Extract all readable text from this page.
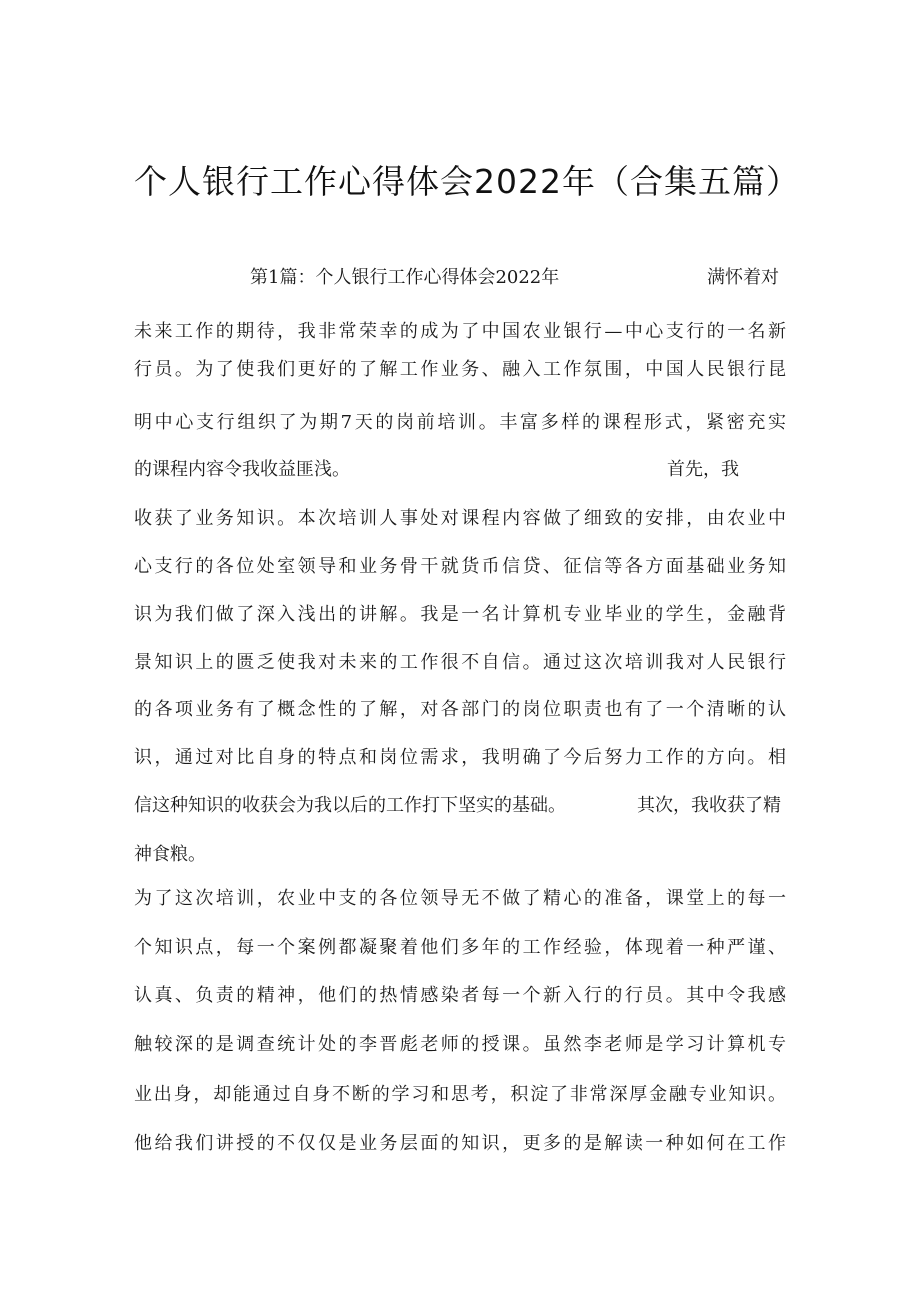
个人银行工作心得体会2022年（合集五篇）
第1篇：个人银行工作心得体会2022年	满怀着对
未来工作的期待，我非常荣幸的成为了中国农业银行—中心支行的一名新
行员。为了使我们更好的了解工作业务、融入工作氛围，中国人民银行昆
明中心支行组织了为期7天的岗前培训。丰富多样的课程形式，紧密充实
的课程内容令我收益匪浅。	首先，我
收获了业务知识。本次培训人事处对课程内容做了细致的安排，由农业中
心支行的各位处室领导和业务骨干就货币信贷、征信等各方面基础业务知
识为我们做了深入浅出的讲解。我是一名计算机专业毕业的学生，金融背
景知识上的匮乏使我对未来的工作很不自信。通过这次培训我对人民银行
的各项业务有了概念性的了解，对各部门的岗位职责也有了一个清晰的认
识，通过对比自身的特点和岗位需求，我明确了今后努力工作的方向。相
信这种知识的收获会为我以后的工作打下坚实的基础。	其次，我收获了精
神食粮。
为了这次培训，农业中支的各位领导无不做了精心的准备，课堂上的每一
个知识点，每一个案例都凝聚着他们多年的工作经验，体现着一种严谨、
认真、负责的精神，他们的热情感染者每一个新入行的行员。其中令我感
触较深的是调查统计处的李晋彪老师的授课。虽然李老师是学习计算机专
业出身，却能通过自身不断的学习和思考，积淀了非常深厚金融专业知识。
他给我们讲授的不仅仅是业务层面的知识，更多的是解读一种如何在工作
